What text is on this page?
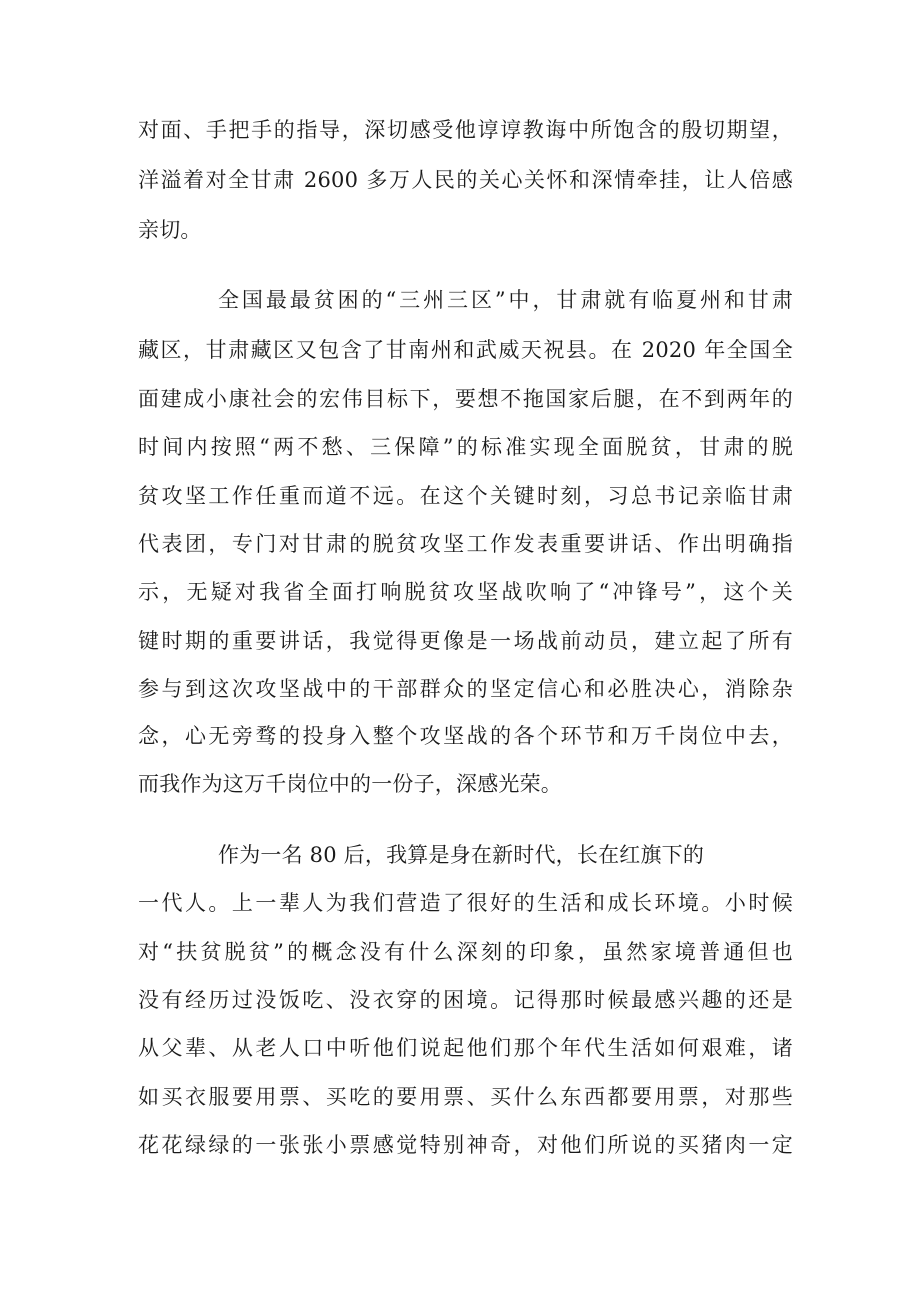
对面、手把手的指导，深切感受他谆谆教诲中所饱含的殷切期望，
洋溢着对全甘肃 2600 多万人民的关心关怀和深情牵挂，让人倍感
亲切。
全国最最贫困的“三州三区”中，甘肃就有临夏州和甘肃
藏区，甘肃藏区又包含了甘南州和武威天祝县。在 2020 年全国全
面建成小康社会的宏伟目标下，要想不拖国家后腿，在不到两年的
时间内按照“两不愁、三保障”的标准实现全面脱贫，甘肃的脱
贫攻坚工作任重而道不远。在这个关键时刻，习总书记亲临甘肃
代表团，专门对甘肃的脱贫攻坚工作发表重要讲话、作出明确指
示，无疑对我省全面打响脱贫攻坚战吹响了“冲锋号”，这个关
键时期的重要讲话，我觉得更像是一场战前动员，建立起了所有
参与到这次攻坚战中的干部群众的坚定信心和必胜决心，消除杂
念，心无旁骛的投身入整个攻坚战的各个环节和万千岗位中去，
而我作为这万千岗位中的一份子，深感光荣。
作为一名 80 后，我算是身在新时代，长在红旗下的
一代人。上一辈人为我们营造了很好的生活和成长环境。小时候
对“扶贫脱贫”的概念没有什么深刻的印象，虽然家境普通但也
没有经历过没饭吃、没衣穿的困境。记得那时候最感兴趣的还是
从父辈、从老人口中听他们说起他们那个年代生活如何艰难，诸
如买衣服要用票、买吃的要用票、买什么东西都要用票，对那些
花花绿绿的一张张小票感觉特别神奇，对他们所说的买猪肉一定
